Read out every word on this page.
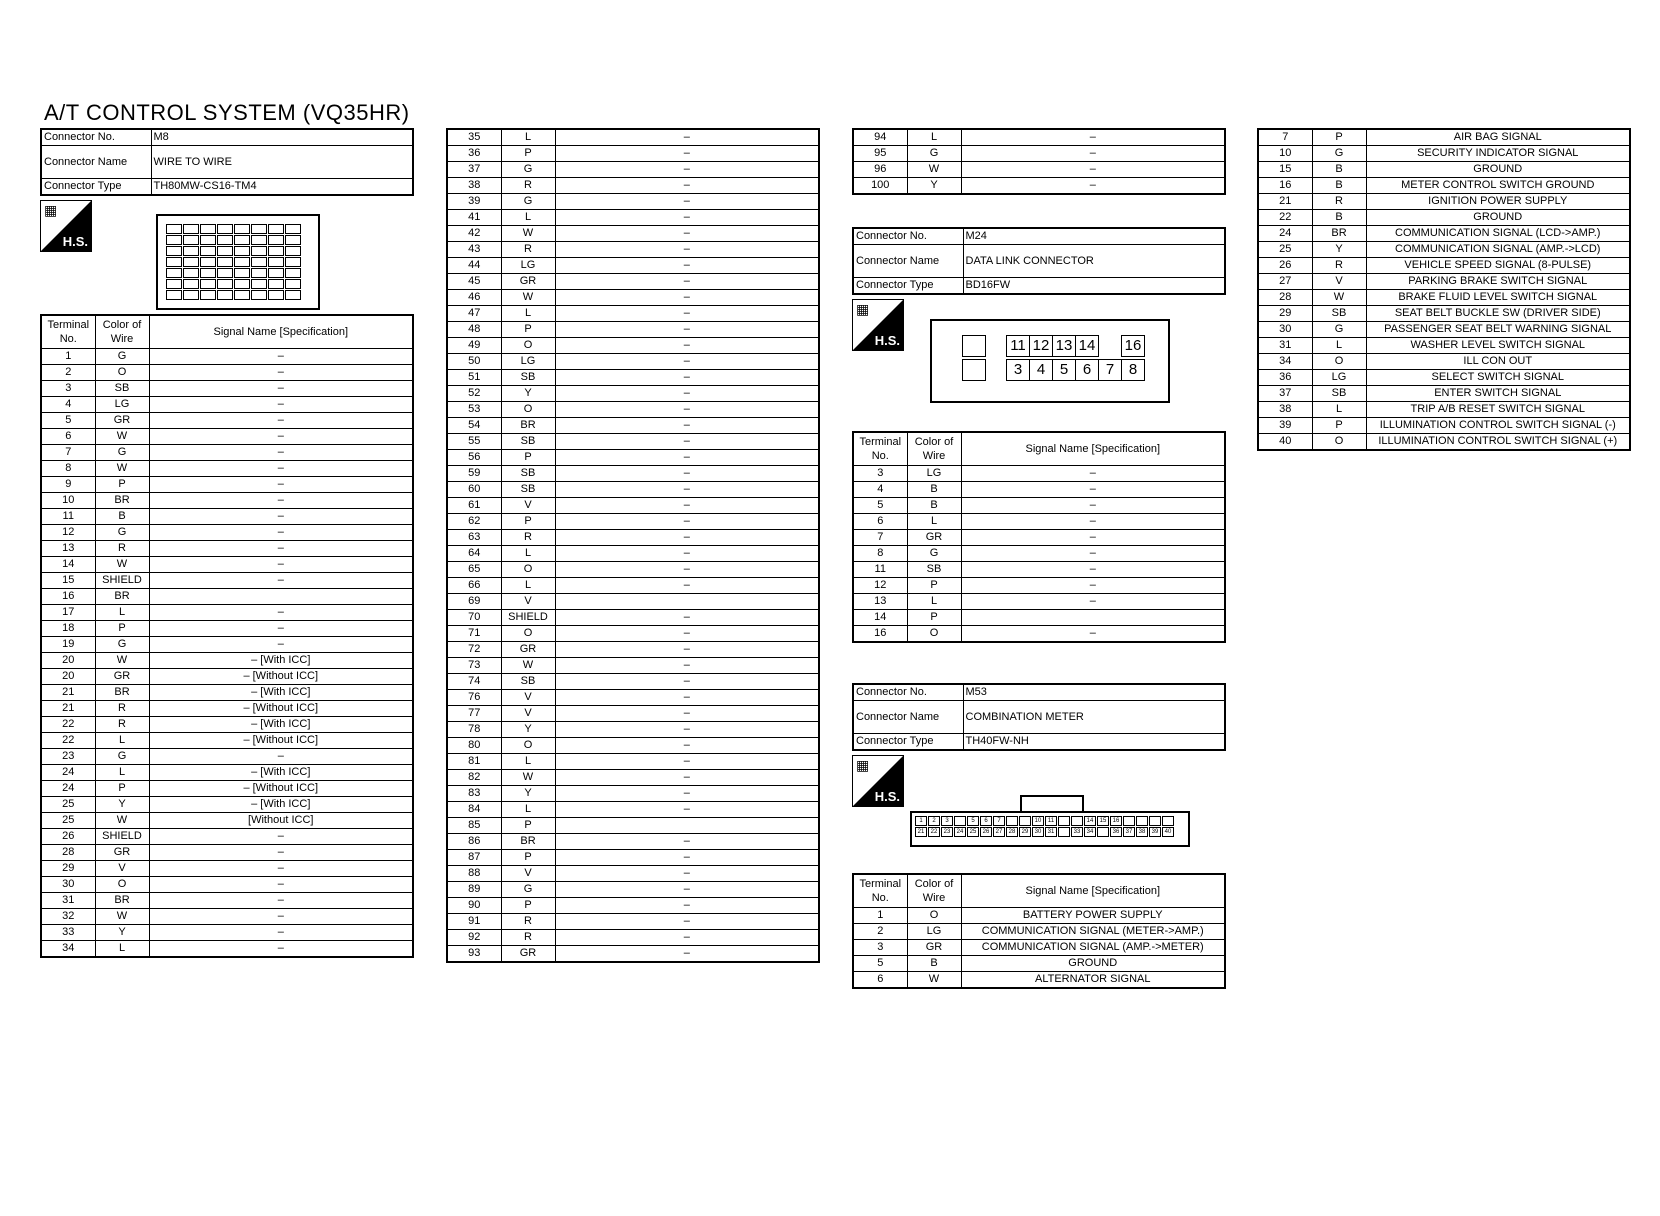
A/T CONTROL SYSTEM (VQ35HR)
Connector No.	M8
Connector Name	WIRE TO WIRE
Connector Type	TH80MW-CS16-TM4
▦
H.S.
Terminal No.	Color of Wire	Signal Name [Specification]
1	G	–
2	O	–
3	SB	–
4	LG	–
5	GR	–
6	W	–
7	G	–
8	W	–
9	P	–
10	BR	–
11	B	–
12	G	–
13	R	–
14	W	–
15	SHIELD	–
16	BR	
17	L	–
18	P	–
19	G	–
20	W	– [With ICC]
20	GR	– [Without ICC]
21	BR	– [With ICC]
21	R	– [Without ICC]
22	R	– [With ICC]
22	L	– [Without ICC]
23	G	–
24	L	– [With ICC]
24	P	– [Without ICC]
25	Y	– [With ICC]
25	W	[Without ICC]
26	SHIELD	–
28	GR	–
29	V	–
30	O	–
31	BR	–
32	W	–
33	Y	–
34	L	–
35	L	–
36	P	–
37	G	–
38	R	–
39	G	–
41	L	–
42	W	–
43	R	–
44	LG	–
45	GR	–
46	W	–
47	L	–
48	P	–
49	O	–
50	LG	–
51	SB	–
52	Y	–
53	O	–
54	BR	–
55	SB	–
56	P	–
59	SB	–
60	SB	–
61	V	–
62	P	–
63	R	–
64	L	–
65	O	–
66	L	–
69	V	
70	SHIELD	–
71	O	–
72	GR	–
73	W	–
74	SB	–
76	V	–
77	V	–
78	Y	–
80	O	–
81	L	–
82	W	–
83	Y	–
84	L	–
85	P	
86	BR	–
87	P	–
88	V	–
89	G	–
90	P	–
91	R	–
92	R	–
93	GR	–
94	L	–
95	G	–
96	W	–
100	Y	–
Connector No.	M24
Connector Name	DATA LINK CONNECTOR
Connector Type	BD16FW
▦
H.S.	11 12 13 14 16
3 4 5 6 7 8
Terminal No.	Color of Wire	Signal Name [Specification]
3	LG	–
4	B	–
5	B	–
6	L	–
7	GR	–
8	G	–
11	SB	–
12	P	–
13	L	–
14	P	
16	O	–
Connector No.	M53
Connector Name	COMBINATION METER
Connector Type	TH40FW-NH
▦
H.S.
1	2	3	5	6	7	10	11	14	15	16
21	22	23	24	25	26	27	28	29	30	31	33	34	36	37	38	39	40
Terminal No.	Color of Wire	Signal Name [Specification]
1	O	BATTERY POWER SUPPLY
2	LG	COMMUNICATION SIGNAL (METER->AMP.)
3	GR	COMMUNICATION SIGNAL (AMP.->METER)
5	B	GROUND
6	W	ALTERNATOR SIGNAL
7	P	AIR BAG SIGNAL
10	G	SECURITY INDICATOR SIGNAL
15	B	GROUND
16	B	METER CONTROL SWITCH GROUND
21	R	IGNITION POWER SUPPLY
22	B	GROUND
24	BR	COMMUNICATION SIGNAL (LCD->AMP.)
25	Y	COMMUNICATION SIGNAL (AMP.->LCD)
26	R	VEHICLE SPEED SIGNAL (8-PULSE)
27	V	PARKING BRAKE SWITCH SIGNAL
28	W	BRAKE FLUID LEVEL SWITCH SIGNAL
29	SB	SEAT BELT BUCKLE SW (DRIVER SIDE)
30	G	PASSENGER SEAT BELT WARNING SIGNAL
31	L	WASHER LEVEL SWITCH SIGNAL
34	O	ILL CON OUT
36	LG	SELECT SWITCH SIGNAL
37	SB	ENTER SWITCH SIGNAL
38	L	TRIP A/B RESET SWITCH SIGNAL
39	P	ILLUMINATION CONTROL SWITCH SIGNAL (-)
40	O	ILLUMINATION CONTROL SWITCH SIGNAL (+)
